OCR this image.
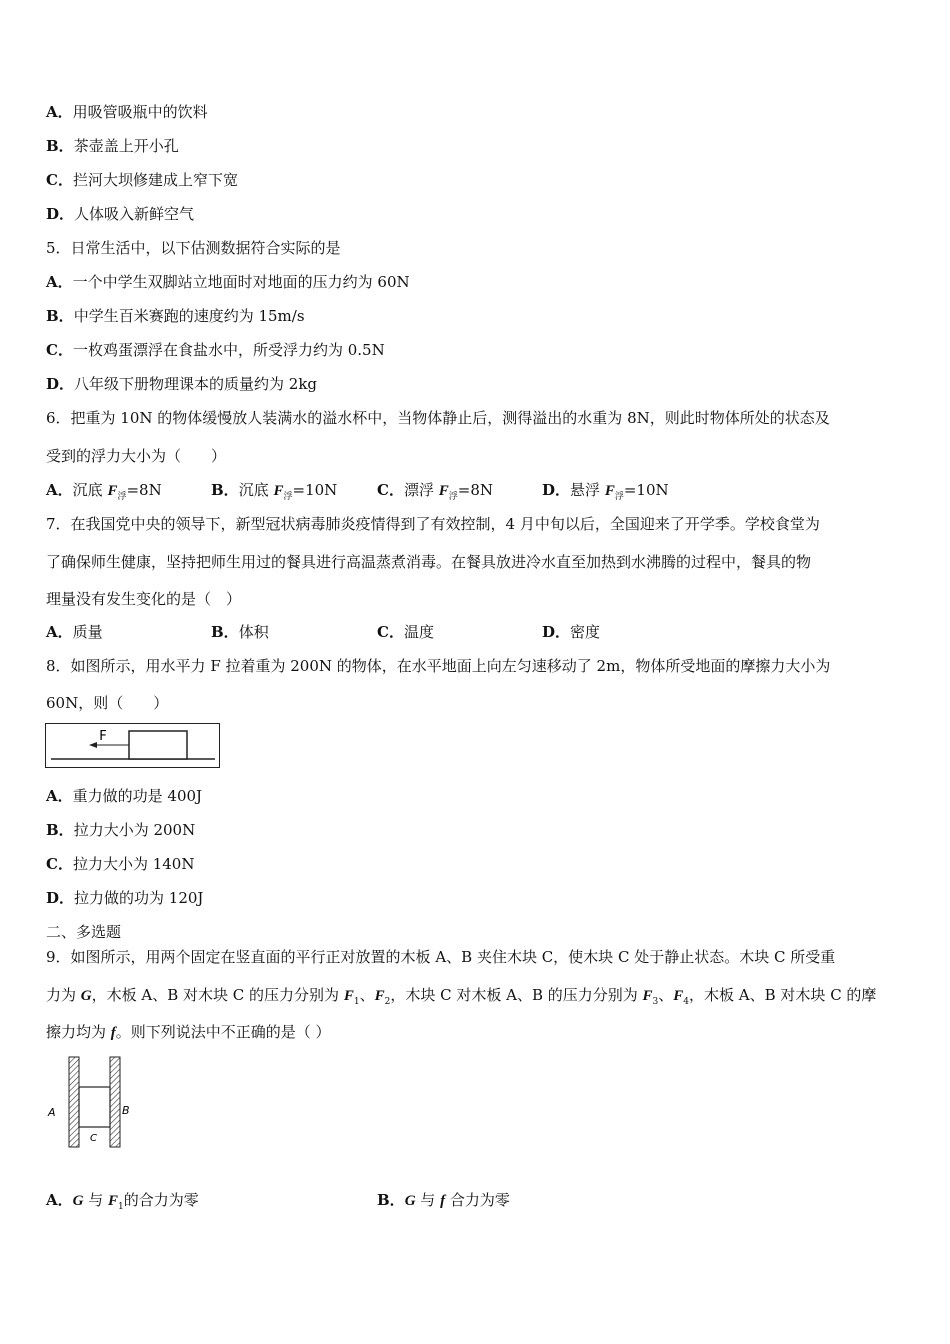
A．用吸管吸瓶中的饮料
B．茶壶盖上开小孔
C．拦河大坝修建成上窄下宽
D．人体吸入新鲜空气
5．日常生活中，以下估测数据符合实际的是
A．一个中学生双脚站立地面时对地面的压力约为 60N
B．中学生百米赛跑的速度约为 15m/s
C．一枚鸡蛋漂浮在食盐水中，所受浮力约为 0.5N
D．八年级下册物理课本的质量约为 2kg
6．把重为 10N 的物体缓慢放人装满水的溢水杯中，当物体静止后，测得溢出的水重为 8N，则此时物体所处的状态及
受到的浮力大小为（　　）
A．沉底 $F_浮=8N$	B．沉底 $F_浮=10N$	C．漂浮 $F_浮=8N$	D．悬浮 $F_浮=10N$
7．在我国党中央的领导下，新型冠状病毒肺炎疫情得到了有效控制，4 月中旬以后，全国迎来了开学季。学校食堂为
了确保师生健康，坚持把师生用过的餐具进行高温蒸煮消毒。在餐具放进冷水直至加热到水沸腾的过程中，餐具的物
理量没有发生变化的是（　）
A．质量	B．体积	C．温度	D．密度
8．如图所示，用水平力 F 拉着重为 200N 的物体，在水平地面上向左匀速移动了 2m，物体所受地面的摩擦力大小为
60N，则（　　）
F
A．重力做的功是 400J
B．拉力大小为 200N
C．拉力大小为 140N
D．拉力做的功为 120J
二、多选题
9．如图所示，用两个固定在竖直面的平行正对放置的木板 A、B 夹住木块 C，使木块 C 处于静止状态。木块 C 所受重
力为 G，木板 A、B 对木块 C 的压力分别为 $F_1$、$F_2$，木块 C 对木板 A、B 的压力分别为 $F_3$、$F_4$，木板 A、B 对木块 C 的摩
擦力均为 f。则下列说法中不正确的是（ ）
A	B
C
A．G 与 $F_1$的合力为零	B．G 与 f 合力为零
